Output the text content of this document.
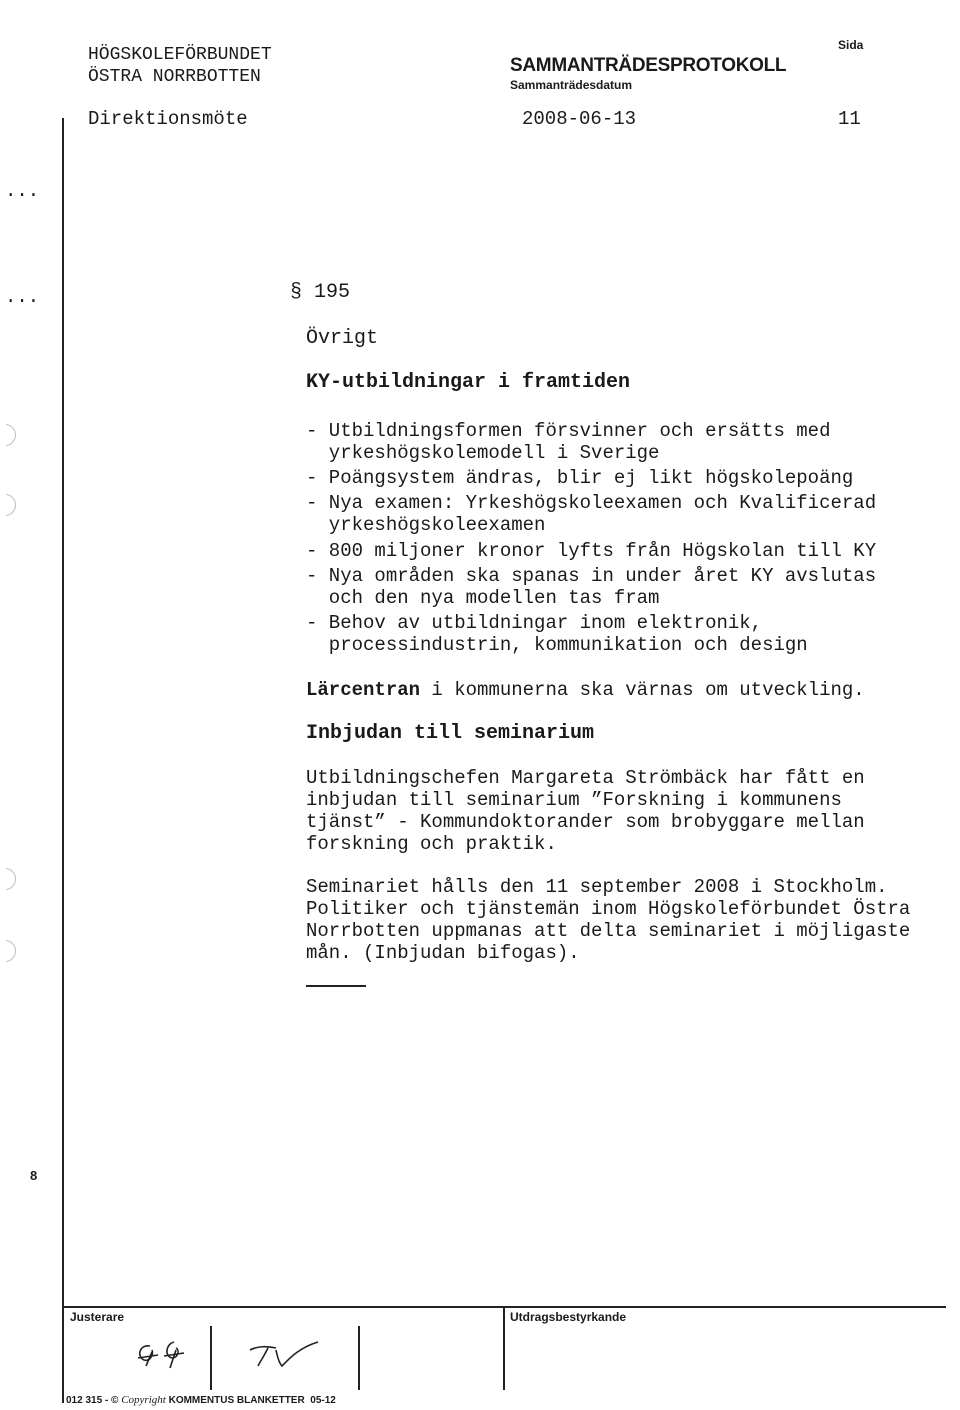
HÖGSKOLEFÖRBUNDET
ÖSTRA NORRBOTTEN
SAMMANTRÄDESPROTOKOLL
Sammanträdesdatum
Sida
Direktionsmöte	2008-06-13	11
...
...	§ 195
Övrigt
KY-utbildningar i framtiden
- Utbildningsformen försvinner och ersätts med
yrkeshögskolemodell i Sverige
- Poängsystem ändras, blir ej likt högskolepoäng
- Nya examen: Yrkeshögskoleexamen och Kvalificerad
yrkeshögskoleexamen
- 800 miljoner kronor lyfts från Högskolan till KY
- Nya områden ska spanas in under året KY avslutas
och den nya modellen tas fram
- Behov av utbildningar inom elektronik,
processindustrin, kommunikation och design
Lärcentran i kommunerna ska värnas om utveckling.
Inbjudan till seminarium
Utbildningschefen Margareta Strömbäck har fått en
inbjudan till seminarium ”Forskning i kommunens
tjänst” - Kommundoktorander som brobyggare mellan
forskning och praktik.
Seminariet hålls den 11 september 2008 i Stockholm.
Politiker och tjänstemän inom Högskoleförbundet Östra
Norrbotten uppmanas att delta seminariet i möjligaste
mån. (Inbjudan bifogas).
8
Justerare	Utdragsbestyrkande
012 315 - © Copyright KOMMENTUS BLANKETTER  05-12
